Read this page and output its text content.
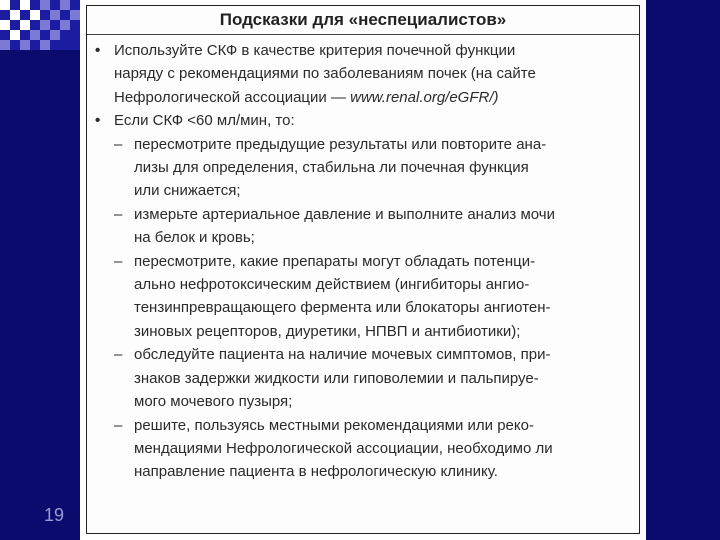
19
Подсказки для «неспециалистов»
• Используйте СКФ в качестве критерия почечной функции
наряду с рекомендациями по заболеваниям почек (на сайте
Нефрологической ассоциации — www.renal.org/eGFR/)
• Если СКФ <60 мл/мин, то:
– пересмотрите предыдущие результаты или повторите ана-
лизы для определения, стабильна ли почечная функция
или снижается;
– измерьте артериальное давление и выполните анализ мочи
на белок и кровь;
– пересмотрите, какие препараты могут обладать потенци-
ально нефротоксическим действием (ингибиторы ангио-
тензинпревращающего фермента или блокаторы ангиотен-
зиновых рецепторов, диуретики, НПВП и антибиотики);
– обследуйте пациента на наличие мочевых симптомов, при-
знаков задержки жидкости или гиповолемии и пальпируе-
мого мочевого пузыря;
– решите, пользуясь местными рекомендациями или реко-
мендациями Нефрологической ассоциации, необходимо ли
направление пациента в нефрологическую клинику.
